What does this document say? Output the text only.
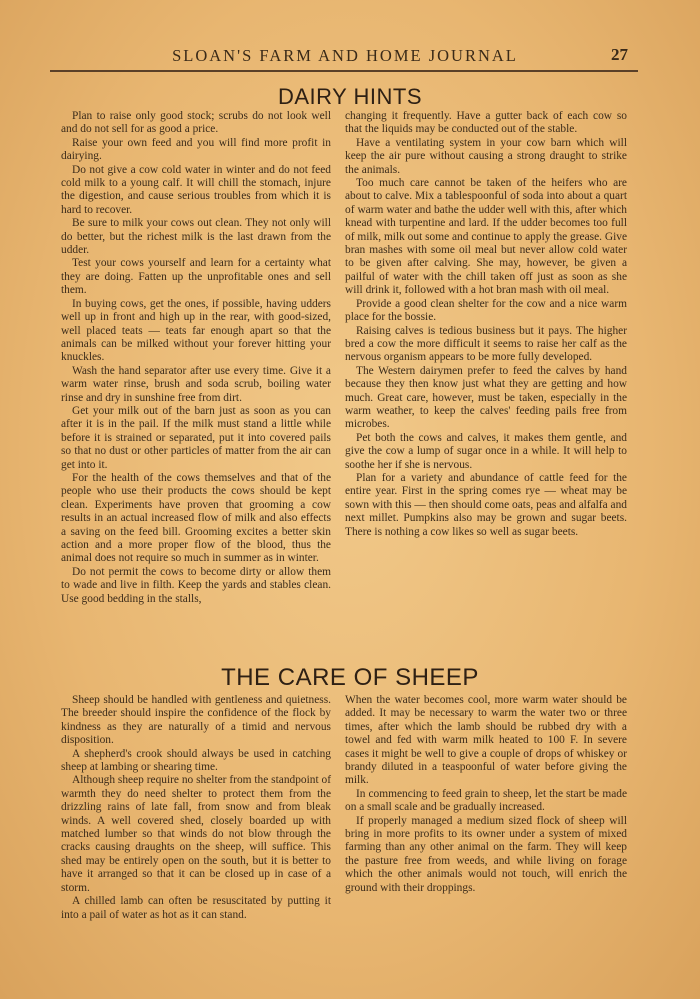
SLOAN'S FARM AND HOME JOURNAL	27
DAIRY HINTS

Plan to raise only good stock; scrubs do not look well and do not sell for as good a price.

Raise your own feed and you will find more profit in dairying.

Do not give a cow cold water in winter and do not feed cold milk to a young calf. It will chill the stomach, injure the digestion, and cause serious troubles from which it is hard to recover.

Be sure to milk your cows out clean. They not only will do better, but the richest milk is the last drawn from the udder.

Test your cows yourself and learn for a certainty what they are doing. Fatten up the unprofitable ones and sell them.

In buying cows, get the ones, if possible, having udders well up in front and high up in the rear, with good-sized, well placed teats — teats far enough apart so that the animals can be milked without your forever hitting your knuckles.

Wash the hand separator after use every time. Give it a warm water rinse, brush and soda scrub, boiling water rinse and dry in sunshine free from dirt.

Get your milk out of the barn just as soon as you can after it is in the pail. If the milk must stand a little while before it is strained or separated, put it into covered pails so that no dust or other particles of matter from the air can get into it.

For the health of the cows themselves and that of the people who use their products the cows should be kept clean. Experiments have proven that grooming a cow results in an actual increased flow of milk and also effects a saving on the feed bill. Grooming excites a better skin action and a more proper flow of the blood, thus the animal does not require so much in summer as in winter.

Do not permit the cows to become dirty or allow them to wade and live in filth. Keep the yards and stables clean. Use good bedding in the stalls,

changing it frequently. Have a gutter back of each cow so that the liquids may be conducted out of the stable.

Have a ventilating system in your cow barn which will keep the air pure without causing a strong draught to strike the animals.

Too much care cannot be taken of the heifers who are about to calve. Mix a tablespoonful of soda into about a quart of warm water and bathe the udder well with this, after which knead with turpentine and lard. If the udder becomes too full of milk, milk out some and continue to apply the grease. Give bran mashes with some oil meal but never allow cold water to be given after calving. She may, however, be given a pailful of water with the chill taken off just as soon as she will drink it, followed with a hot bran mash with oil meal.

Provide a good clean shelter for the cow and a nice warm place for the bossie.

Raising calves is tedious business but it pays. The higher bred a cow the more difficult it seems to raise her calf as the nervous organism appears to be more fully developed.

The Western dairymen prefer to feed the calves by hand because they then know just what they are getting and how much. Great care, however, must be taken, especially in the warm weather, to keep the calves' feeding pails free from microbes.

Pet both the cows and calves, it makes them gentle, and give the cow a lump of sugar once in a while. It will help to soothe her if she is nervous.

Plan for a variety and abundance of cattle feed for the entire year. First in the spring comes rye — wheat may be sown with this — then should come oats, peas and alfalfa and next millet. Pumpkins also may be grown and sugar beets. There is nothing a cow likes so well as sugar beets.

THE CARE OF SHEEP

Sheep should be handled with gentleness and quietness. The breeder should inspire the confidence of the flock by kindness as they are naturally of a timid and nervous disposition.

A shepherd's crook should always be used in catching sheep at lambing or shearing time.

Although sheep require no shelter from the standpoint of warmth they do need shelter to protect them from the drizzling rains of late fall, from snow and from bleak winds. A well covered shed, closely boarded up with matched lumber so that winds do not blow through the cracks causing draughts on the sheep, will suffice. This shed may be entirely open on the south, but it is better to have it arranged so that it can be closed up in case of a storm.

A chilled lamb can often be resuscitated by putting it into a pail of water as hot as it can stand.

When the water becomes cool, more warm water should be added. It may be necessary to warm the water two or three times, after which the lamb should be rubbed dry with a towel and fed with warm milk heated to 100 F. In severe cases it might be well to give a couple of drops of whiskey or brandy diluted in a teaspoonful of water before giving the milk.

In commencing to feed grain to sheep, let the start be made on a small scale and be gradually increased.

If properly managed a medium sized flock of sheep will bring in more profits to its owner under a system of mixed farming than any other animal on the farm. They will keep the pasture free from weeds, and while living on forage which the other animals would not touch, will enrich the ground with their droppings.
